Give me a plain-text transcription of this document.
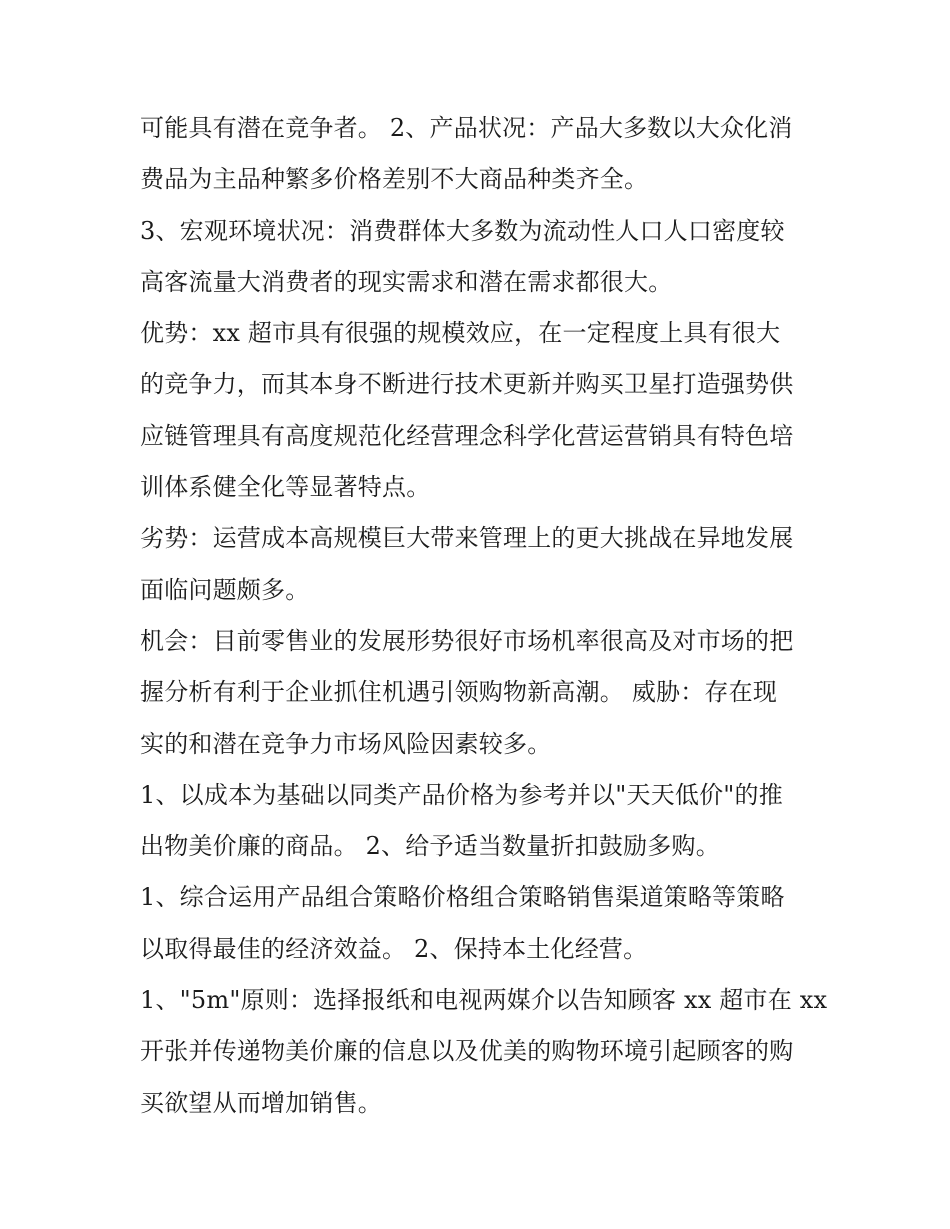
可能具有潜在竞争者。 2、产品状况：产品大多数以大众化消
费品为主品种繁多价格差别不大商品种类齐全。
3、宏观环境状况：消费群体大多数为流动性人口人口密度较
高客流量大消费者的现实需求和潜在需求都很大。
优势：xx 超市具有很强的规模效应，在一定程度上具有很大
的竞争力，而其本身不断进行技术更新并购买卫星打造强势供
应链管理具有高度规范化经营理念科学化营运营销具有特色培
训体系健全化等显著特点。
劣势：运营成本高规模巨大带来管理上的更大挑战在异地发展
面临问题颇多。
机会：目前零售业的发展形势很好市场机率很高及对市场的把
握分析有利于企业抓住机遇引领购物新高潮。 威胁：存在现
实的和潜在竞争力市场风险因素较多。
1、以成本为基础以同类产品价格为参考并以"天天低价"的推
出物美价廉的商品。 2、给予适当数量折扣鼓励多购。
1、综合运用产品组合策略价格组合策略销售渠道策略等策略
以取得最佳的经济效益。 2、保持本土化经营。
1、"5m"原则：选择报纸和电视两媒介以告知顾客 xx 超市在 xx
开张并传递物美价廉的信息以及优美的购物环境引起顾客的购
买欲望从而增加销售。
